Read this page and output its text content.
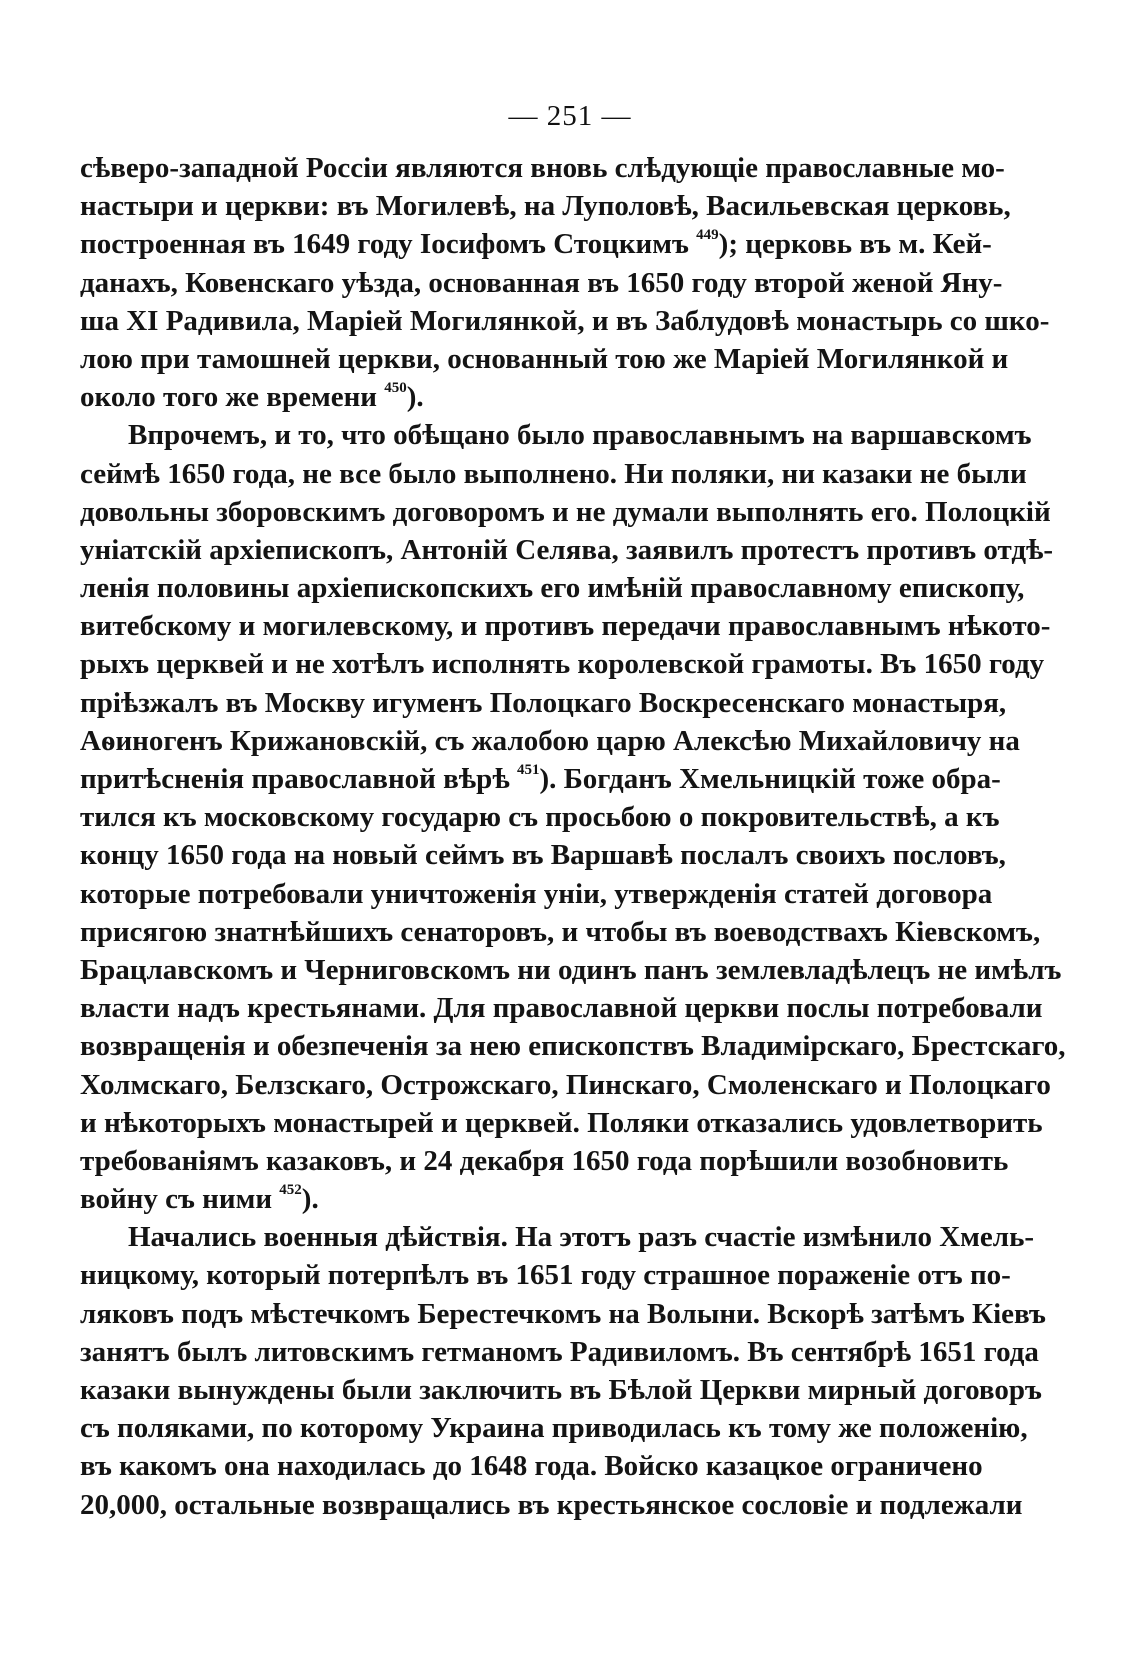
— 251 —
сѣверо-западной Россіи являются вновь слѣдующіе православные мо-
настыри и церкви: въ Могилевѣ, на Луполовѣ, Васильевская церковь,
построенная въ 1649 году Іосифомъ Стоцкимъ $^{449}$); церковь въ м. Кей-
данахъ, Ковенскаго уѣзда, основанная въ 1650 году второй женой Яну-
ша XI Радивила, Маріей Могилянкой, и въ Заблудовѣ монастырь со шко-
лою при тамошней церкви, основанный тою же Маріей Могилянкой и
около того же времени $^{450}$).
Впрочемъ, и то, что обѣщано было православнымъ на варшавскомъ
сеймѣ 1650 года, не все было выполнено. Ни поляки, ни казаки не были
довольны зборовскимъ договоромъ и не думали выполнять его. Полоцкій
уніатскій архіепископъ, Антоній Селява, заявилъ протестъ противъ отдѣ-
ленія половины архіепископскихъ его имѣній православному епископу,
витебскому и могилевскому, и противъ передачи православнымъ нѣкото-
рыхъ церквей и не хотѣлъ исполнять королевской грамоты. Въ 1650 году
пріѣзжалъ въ Москву игуменъ Полоцкаго Воскресенскаго монастыря,
Аѳиногенъ Крижановскій, съ жалобою царю Алексѣю Михайловичу на
притѣсненія православной вѣрѣ $^{451}$). Богданъ Хмельницкій тоже обра-
тился къ московскому государю съ просьбою о покровительствѣ, а къ
концу 1650 года на новый сеймъ въ Варшавѣ послалъ своихъ пословъ,
которые потребовали уничтоженія уніи, утвержденія статей договора
присягою знатнѣйшихъ сенаторовъ, и чтобы въ воеводствахъ Кіевскомъ,
Брацлавскомъ и Черниговскомъ ни одинъ панъ землевладѣлецъ не имѣлъ
власти надъ крестьянами. Для православной церкви послы потребовали
возвращенія и обезпеченія за нею епископствъ Владимірскаго, Брестскаго,
Холмскаго, Белзскаго, Острожскаго, Пинскаго, Смоленскаго и Полоцкаго
и нѣкоторыхъ монастырей и церквей. Поляки отказались удовлетворить
требованіямъ казаковъ, и 24 декабря 1650 года порѣшили возобновить
войну съ ними $^{452}$).
Начались военныя дѣйствія. На этотъ разъ счастіе измѣнило Хмель-
ницкому, который потерпѣлъ въ 1651 году страшное пораженіе отъ по-
ляковъ подъ мѣстечкомъ Берестечкомъ на Волыни. Вскорѣ затѣмъ Кіевъ
занятъ былъ литовскимъ гетманомъ Радивиломъ. Въ сентябрѣ 1651 года
казаки вынуждены были заключить въ Бѣлой Церкви мирный договоръ
съ поляками, по которому Украина приводилась къ тому же положенію,
въ какомъ она находилась до 1648 года. Войско казацкое ограничено
20,000, остальные возвращались въ крестьянское сословіе и подлежали
